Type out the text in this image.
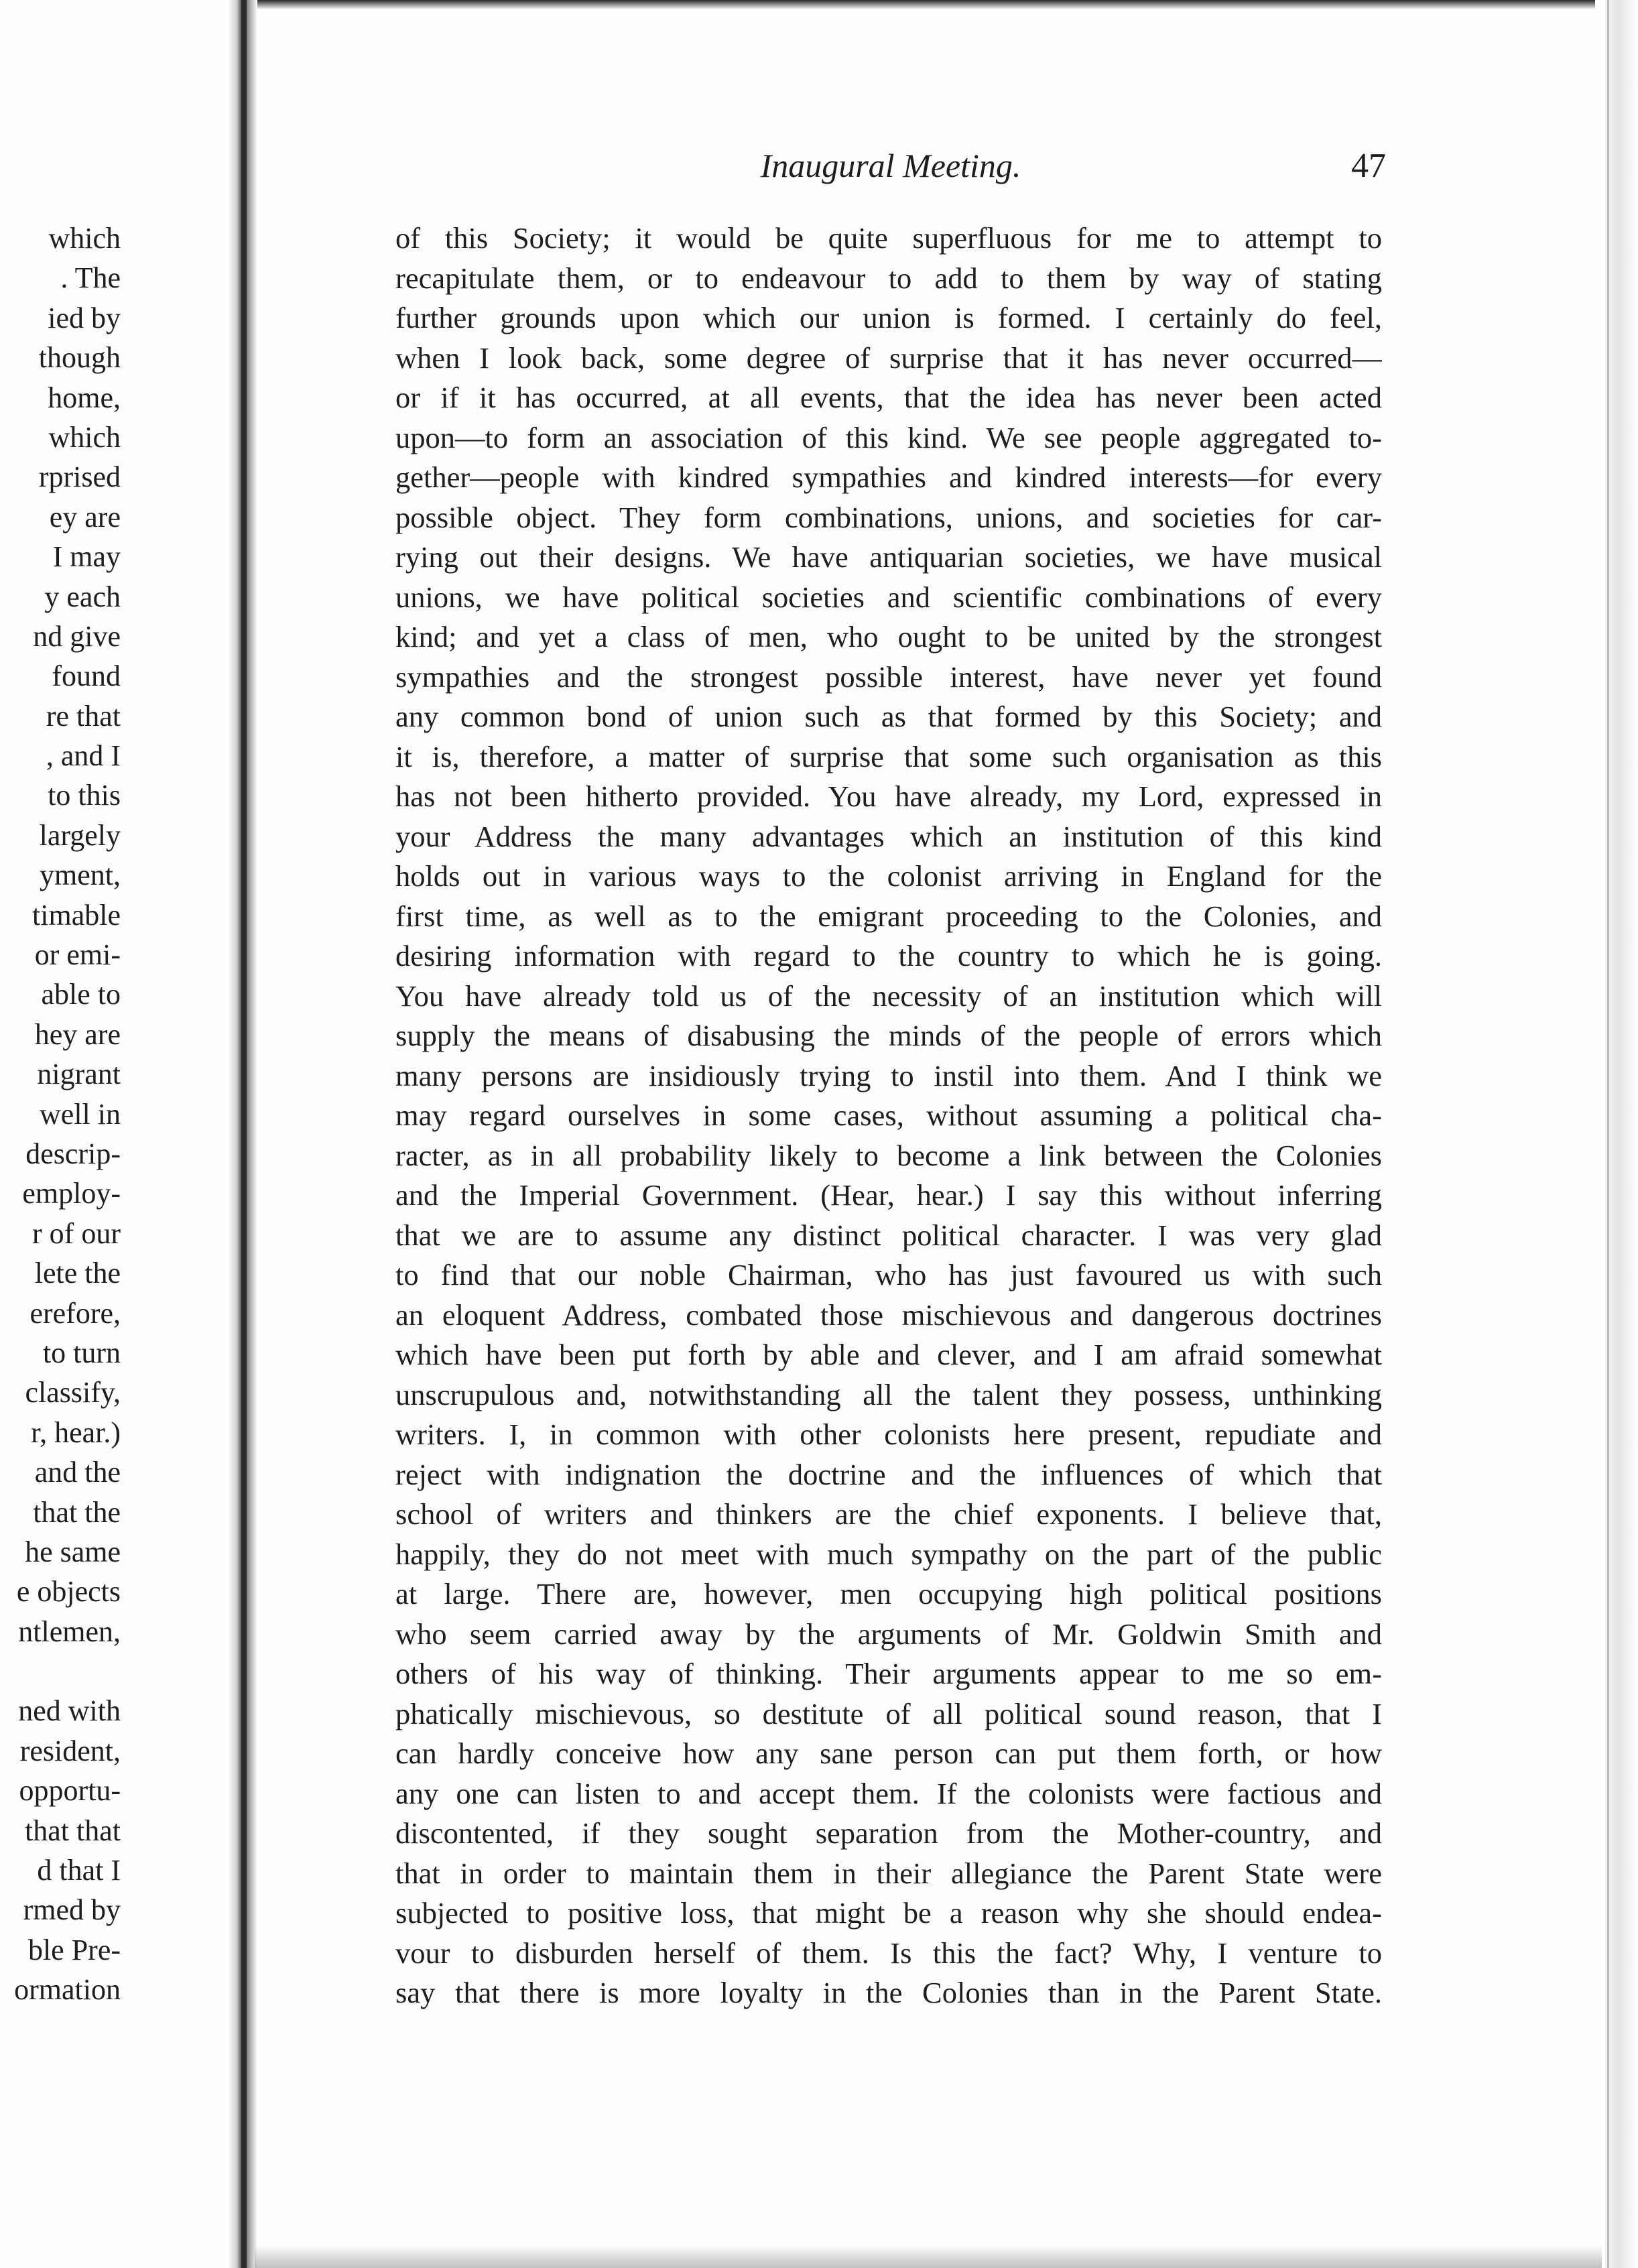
which
. The
ied by
though
home,
which
rprised
ey are
I may
y each
nd give
found
re that
, and I
to this
largely
yment,
timable
or emi-
able to
hey are
nigrant
well in
descrip-
employ-
r of our
lete the
erefore,
to turn
classify,
r, hear.)
and the
that the
he same
e objects
ntlemen,
ned with
resident,
opportu-
that that
d that I
rmed by
ble Pre-
ormation
Inaugural Meeting.	47
of this Society; it would be quite superfluous for me to attempt to
recapitulate them, or to endeavour to add to them by way of stating
further grounds upon which our union is formed. I certainly do feel,
when I look back, some degree of surprise that it has never occurred—
or if it has occurred, at all events, that the idea has never been acted
upon—to form an association of this kind. We see people aggregated to-
gether—people with kindred sympathies and kindred interests—for every
possible object. They form combinations, unions, and societies for car-
rying out their designs. We have antiquarian societies, we have musical
unions, we have political societies and scientific combinations of every
kind; and yet a class of men, who ought to be united by the strongest
sympathies and the strongest possible interest, have never yet found
any common bond of union such as that formed by this Society; and
it is, therefore, a matter of surprise that some such organisation as this
has not been hitherto provided. You have already, my Lord, expressed in
your Address the many advantages which an institution of this kind
holds out in various ways to the colonist arriving in England for the
first time, as well as to the emigrant proceeding to the Colonies, and
desiring information with regard to the country to which he is going.
You have already told us of the necessity of an institution which will
supply the means of disabusing the minds of the people of errors which
many persons are insidiously trying to instil into them. And I think we
may regard ourselves in some cases, without assuming a political cha-
racter, as in all probability likely to become a link between the Colonies
and the Imperial Government. (Hear, hear.) I say this without inferring
that we are to assume any distinct political character. I was very glad
to find that our noble Chairman, who has just favoured us with such
an eloquent Address, combated those mischievous and dangerous doctrines
which have been put forth by able and clever, and I am afraid somewhat
unscrupulous and, notwithstanding all the talent they possess, unthinking
writers. I, in common with other colonists here present, repudiate and
reject with indignation the doctrine and the influences of which that
school of writers and thinkers are the chief exponents. I believe that,
happily, they do not meet with much sympathy on the part of the public
at large. There are, however, men occupying high political positions
who seem carried away by the arguments of Mr. Goldwin Smith and
others of his way of thinking. Their arguments appear to me so em-
phatically mischievous, so destitute of all political sound reason, that I
can hardly conceive how any sane person can put them forth, or how
any one can listen to and accept them. If the colonists were factious and
discontented, if they sought separation from the Mother-country, and
that in order to maintain them in their allegiance the Parent State were
subjected to positive loss, that might be a reason why she should endea-
vour to disburden herself of them. Is this the fact? Why, I venture to
say that there is more loyalty in the Colonies than in the Parent State.
